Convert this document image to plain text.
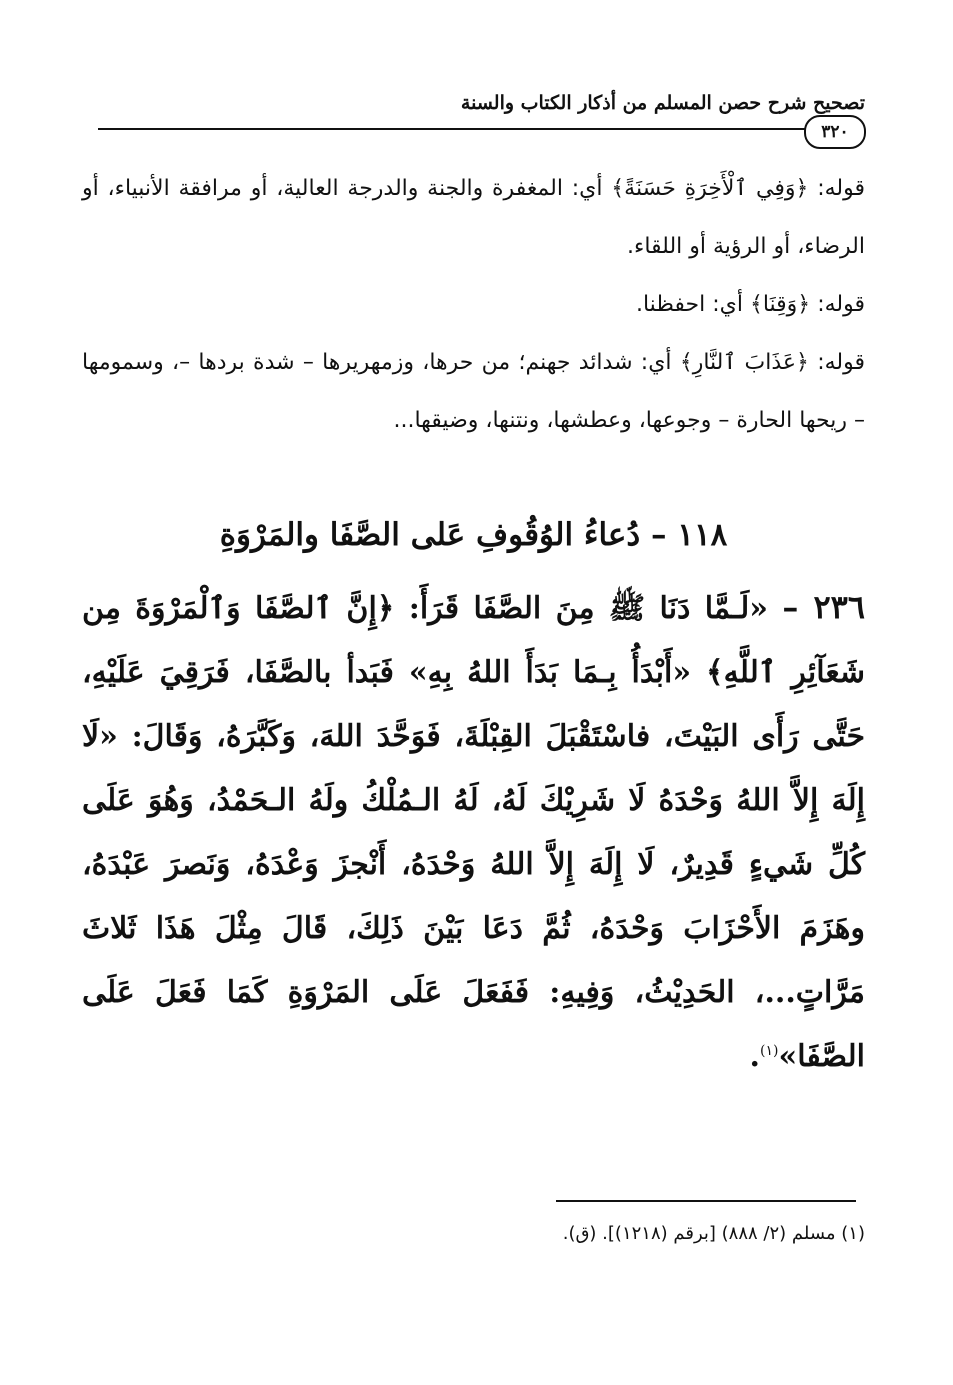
تصحيح شرح حصن المسلم من أذكار الكتاب والسنة
٣٢٠

قوله: ﴿وَفِي ٱلْأَخِرَةِ حَسَنَةً﴾ أي: المغفرة والجنة والدرجة العالية، أو مرافقة الأنبياء، أو الرضاء، أو الرؤية أو اللقاء.

قوله: ﴿وَقِنَا﴾ أي: احفظنا.

قوله: ﴿عَذَابَ ٱلنَّارِ﴾ أي: شدائد جهنم؛ من حرها، وزمهريرها – شدة بردها –، وسمومها – ريحها الحارة – وجوعها، وعطشها، ونتنها، وضيقها...

١١٨ – دُعاءُ الوُقُوفِ عَلى الصَّفَا والمَرْوَةِ
٢٣٦ – «لَـمَّا دَنَا ﷺ مِنَ الصَّفَا قَرَأَ: ﴿إِنَّ ٱلصَّفَا وَٱلْمَرْوَةَ مِن شَعَآئِرِ ٱللَّهِ﴾ «أَبْدَأُ بِـمَا بَدَأَ اللهُ بِهِ» فَبَدأ بالصَّفَا، فَرَقِيَ عَلَيْهِ، حَتَّى رَأَى البَيْتَ، فاسْتَقْبَلَ القِبْلَةَ، فَوَحَّدَ اللهَ، وَكَبَّرَهُ، وَقَالَ: «لَا إِلَهَ إِلاَّ اللهُ وَحْدَهُ لَا شَرِيْكَ لَهُ، لَهُ الـمُلْكُ ولَهُ الـحَمْدُ، وَهُوَ عَلَى كُلِّ شَيءٍ قَدِيرٌ، لَا إِلَهَ إِلاَّ اللهُ وَحْدَهُ، أَنْجزَ وَعْدَهُ، وَنَصرَ عَبْدَهُ، وهَزَمَ الأَحْزَابَ وَحْدَهُ، ثُمَّ دَعَا بَيْنَ ذَلِكَ، قَالَ مِثْلَ هَذَا ثَلاثَ مَرَّاتٍ...، الحَدِيْثُ، وَفِيهِ: فَفَعَلَ عَلَى المَرْوَةِ كَمَا فَعَلَ عَلَى الصَّفَا»$^{(١)}$.
(١) مسلم (٢/ ٨٨٨) [برقم (١٢١٨)]. (ق).
